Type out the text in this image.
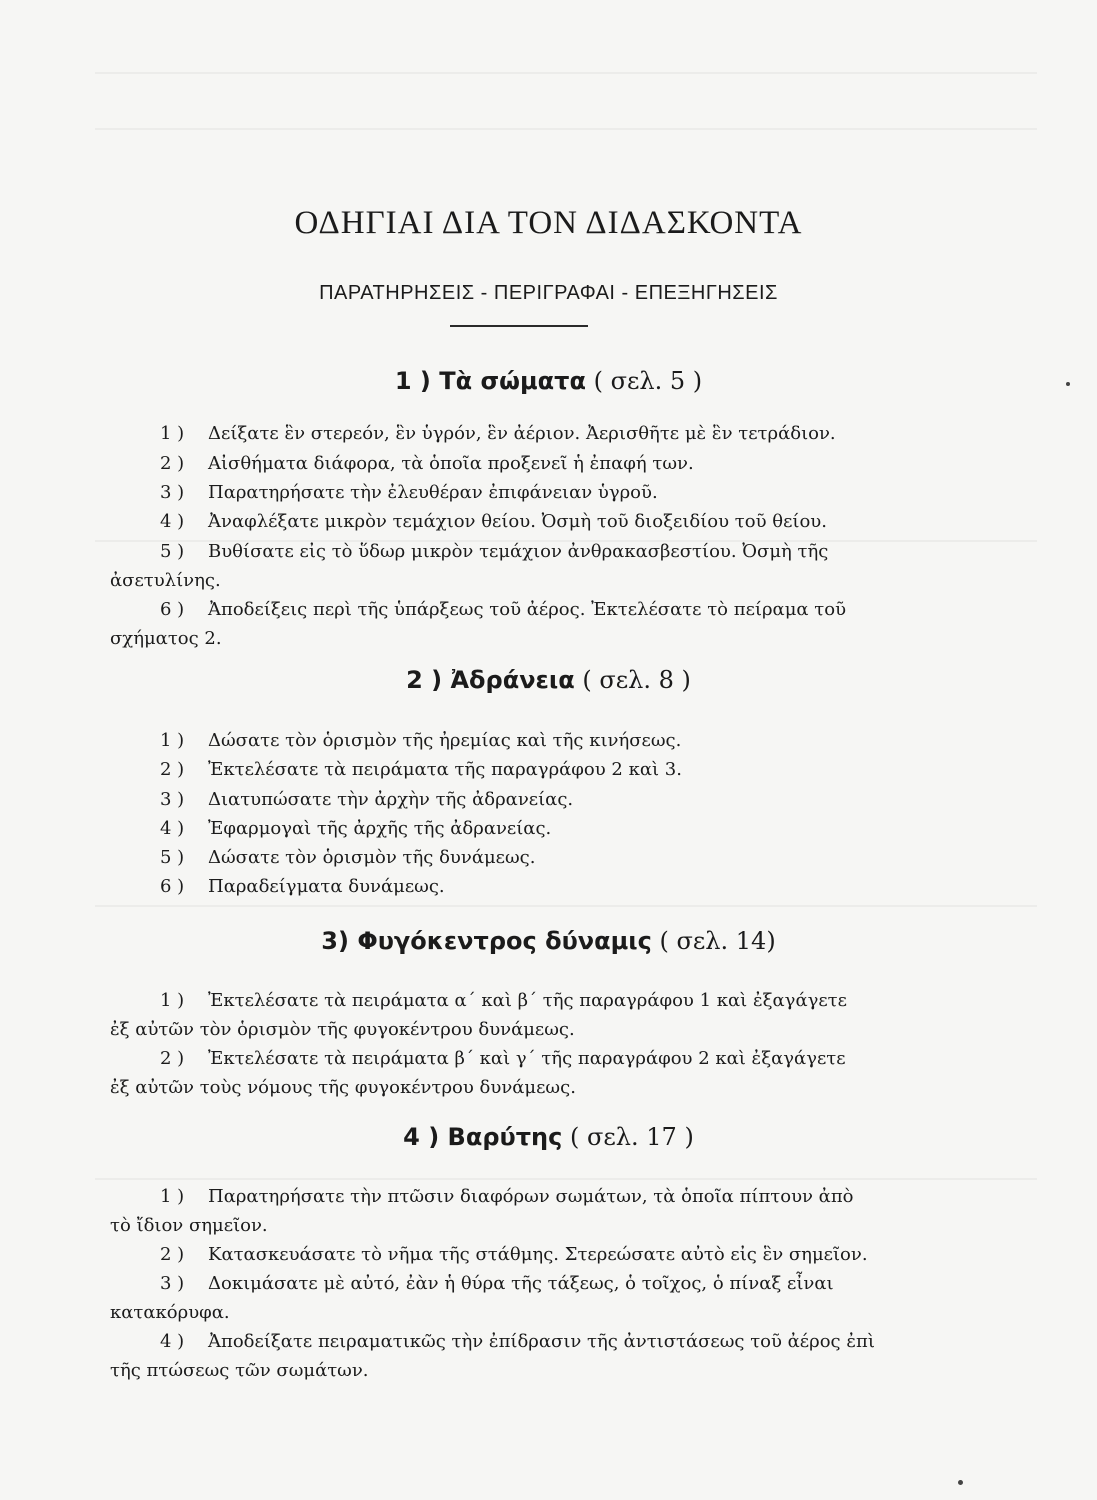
ΟΔΗΓΙΑΙ ΔΙΑ ΤΟΝ ΔΙΔΑΣΚΟΝΤΑ
ΠΑΡΑΤΗΡΗΣΕΙΣ - ΠΕΡΙΓΡΑΦΑΙ - ΕΠΕΞΗΓΗΣΕΙΣ
1 ) Τὰ σώματα ( σελ. 5 )
1 ) Δείξατε ἓν στερεόν, ἓν ὑγρόν, ἓν ἀέριον. Ἀερισθῆτε μὲ ἓν τετράδιον.
2 ) Αἰσθήματα διάφορα, τὰ ὁποῖα προξενεῖ ἡ ἐπαφή των.
3 ) Παρατηρήσατε τὴν ἐλευθέραν ἐπιφάνειαν ὑγροῦ.
4 ) Ἀναφλέξατε μικρὸν τεμάχιον θείου. Ὀσμὴ τοῦ διοξειδίου τοῦ θείου.
5 ) Βυθίσατε εἰς τὸ ὕδωρ μικρὸν τεμάχιον ἀνθρακασβεστίου. Ὀσμὴ τῆς
ἀσετυλίνης.
6 ) Ἀποδείξεις περὶ τῆς ὑπάρξεως τοῦ ἀέρος. Ἐκτελέσατε τὸ πείραμα τοῦ
σχήματος 2.
2 ) Ἀδράνεια ( σελ. 8 )
1 ) Δώσατε τὸν ὁρισμὸν τῆς ἠρεμίας καὶ τῆς κινήσεως.
2 ) Ἐκτελέσατε τὰ πειράματα τῆς παραγράφου 2 καὶ 3.
3 ) Διατυπώσατε τὴν ἀρχὴν τῆς ἀδρανείας.
4 ) Ἐφαρμογαὶ τῆς ἀρχῆς τῆς ἀδρανείας.
5 ) Δώσατε τὸν ὁρισμὸν τῆς δυνάμεως.
6 ) Παραδείγματα δυνάμεως.
3) Φυγόκεντρος δύναμις ( σελ. 14)
1 ) Ἐκτελέσατε τὰ πειράματα α΄ καὶ β΄ τῆς παραγράφου 1 καὶ ἐξαγάγετε
ἐξ αὐτῶν τὸν ὁρισμὸν τῆς φυγοκέντρου δυνάμεως.
2 ) Ἐκτελέσατε τὰ πειράματα β΄ καὶ γ΄ τῆς παραγράφου 2 καὶ ἐξαγάγετε
ἐξ αὐτῶν τοὺς νόμους τῆς φυγοκέντρου δυνάμεως.
4 ) Βαρύτης ( σελ. 17 )
1 ) Παρατηρήσατε τὴν πτῶσιν διαφόρων σωμάτων, τὰ ὁποῖα πίπτουν ἀπὸ
τὸ ἴδιον σημεῖον.
2 ) Κατασκευάσατε τὸ νῆμα τῆς στάθμης. Στερεώσατε αὐτὸ εἰς ἓν σημεῖον.
3 ) Δοκιμάσατε μὲ αὐτό, ἐὰν ἡ θύρα τῆς τάξεως, ὁ τοῖχος, ὁ πίναξ εἶναι
κατακόρυφα.
4 ) Ἀποδείξατε πειραματικῶς τὴν ἐπίδρασιν τῆς ἀντιστάσεως τοῦ ἀέρος ἐπὶ
τῆς πτώσεως τῶν σωμάτων.
